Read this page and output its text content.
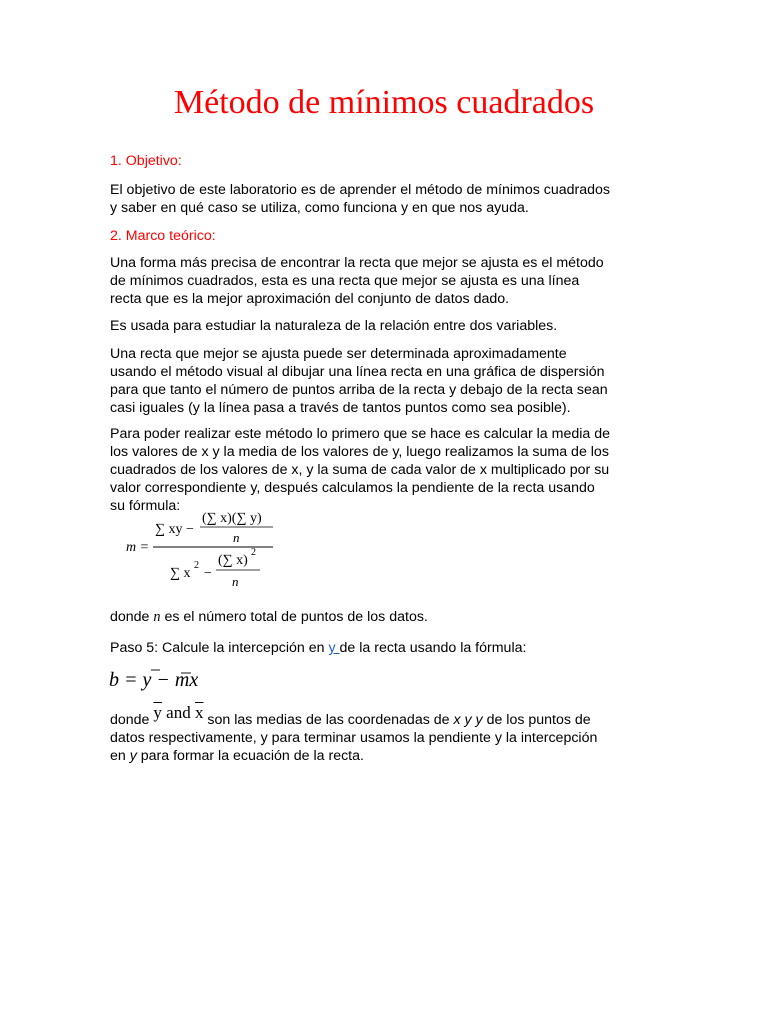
Método de mínimos cuadrados

1. Objetivo:

El objetivo de este laboratorio es de aprender el método de mínimos cuadrados
y saber en qué caso se utiliza, como funciona y en que nos ayuda.

2. Marco teórico:

Una forma más precisa de encontrar la recta que mejor se ajusta es el método
de mínimos cuadrados, esta es una recta que mejor se ajusta es una línea
recta que es la mejor aproximación del conjunto de datos dado.

Es usada para estudiar la naturaleza de la relación entre dos variables.

Una recta que mejor se ajusta puede ser determinada aproximadamente
usando el método visual al dibujar una línea recta en una gráfica de dispersión
para que tanto el número de puntos arriba de la recta y debajo de la recta sean
casi iguales (y la línea pasa a través de tantos puntos como sea posible).
Para poder realizar este método lo primero que se hace es calcular la media de
los valores de x y la media de los valores de y, luego realizamos la suma de los
cuadrados de los valores de x, y la suma de cada valor de x multiplicado por su
valor correspondiente y, después calculamos la pendiente de la recta usando
su fórmula:
m =
∑ xy −
(∑ x)(∑ y)
n
∑ x
2
−
(∑ x)
2
n

donde n es el número total de puntos de los datos.

Paso 5: Calcule la intercepción en y de la recta usando la fórmula:

b = y − mx
donde $\overline{y}$ and $\overline{x}$ son las medias de las coordenadas de x y y de los puntos de
datos respectivamente, y para terminar usamos la pendiente y la intercepción
en y para formar la ecuación de la recta.
